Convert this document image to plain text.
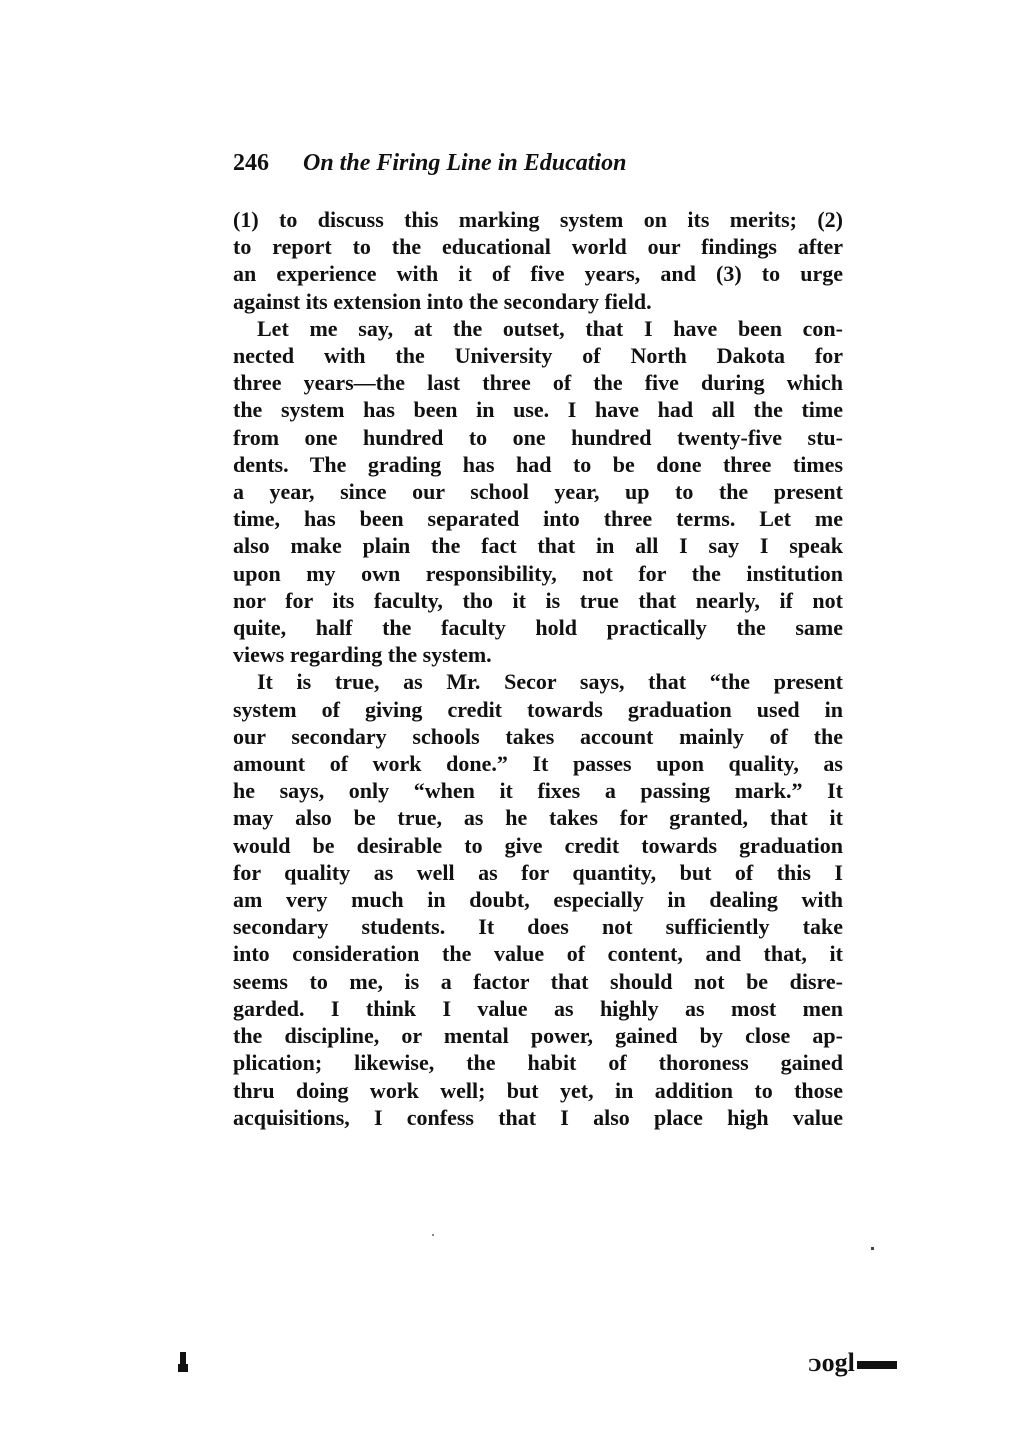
246 On the Firing Line in Education
(1) to discuss this marking system on its merits; (2)
to report to the educational world our findings after
an experience with it of five years, and (3) to urge
against its extension into the secondary field.
Let me say, at the outset, that I have been con-
nected with the University of North Dakota for
three years—the last three of the five during which
the system has been in use. I have had all the time
from one hundred to one hundred twenty-five stu-
dents. The grading has had to be done three times
a year, since our school year, up to the present
time, has been separated into three terms. Let me
also make plain the fact that in all I say I speak
upon my own responsibility, not for the institution
nor for its faculty, tho it is true that nearly, if not
quite, half the faculty hold practically the same
views regarding the system.
It is true, as Mr. Secor says, that “the present
system of giving credit towards graduation used in
our secondary schools takes account mainly of the
amount of work done.” It passes upon quality, as
he says, only “when it fixes a passing mark.” It
may also be true, as he takes for granted, that it
would be desirable to give credit towards graduation
for quality as well as for quantity, but of this I
am very much in doubt, especially in dealing with
secondary students. It does not sufficiently take
into consideration the value of content, and that, it
seems to me, is a factor that should not be disre-
garded. I think I value as highly as most men
the discipline, or mental power, gained by close ap-
plication; likewise, the habit of thoroness gained
thru doing work well; but yet, in addition to those
acquisitions, I confess that I also place high value
ᴐogl
